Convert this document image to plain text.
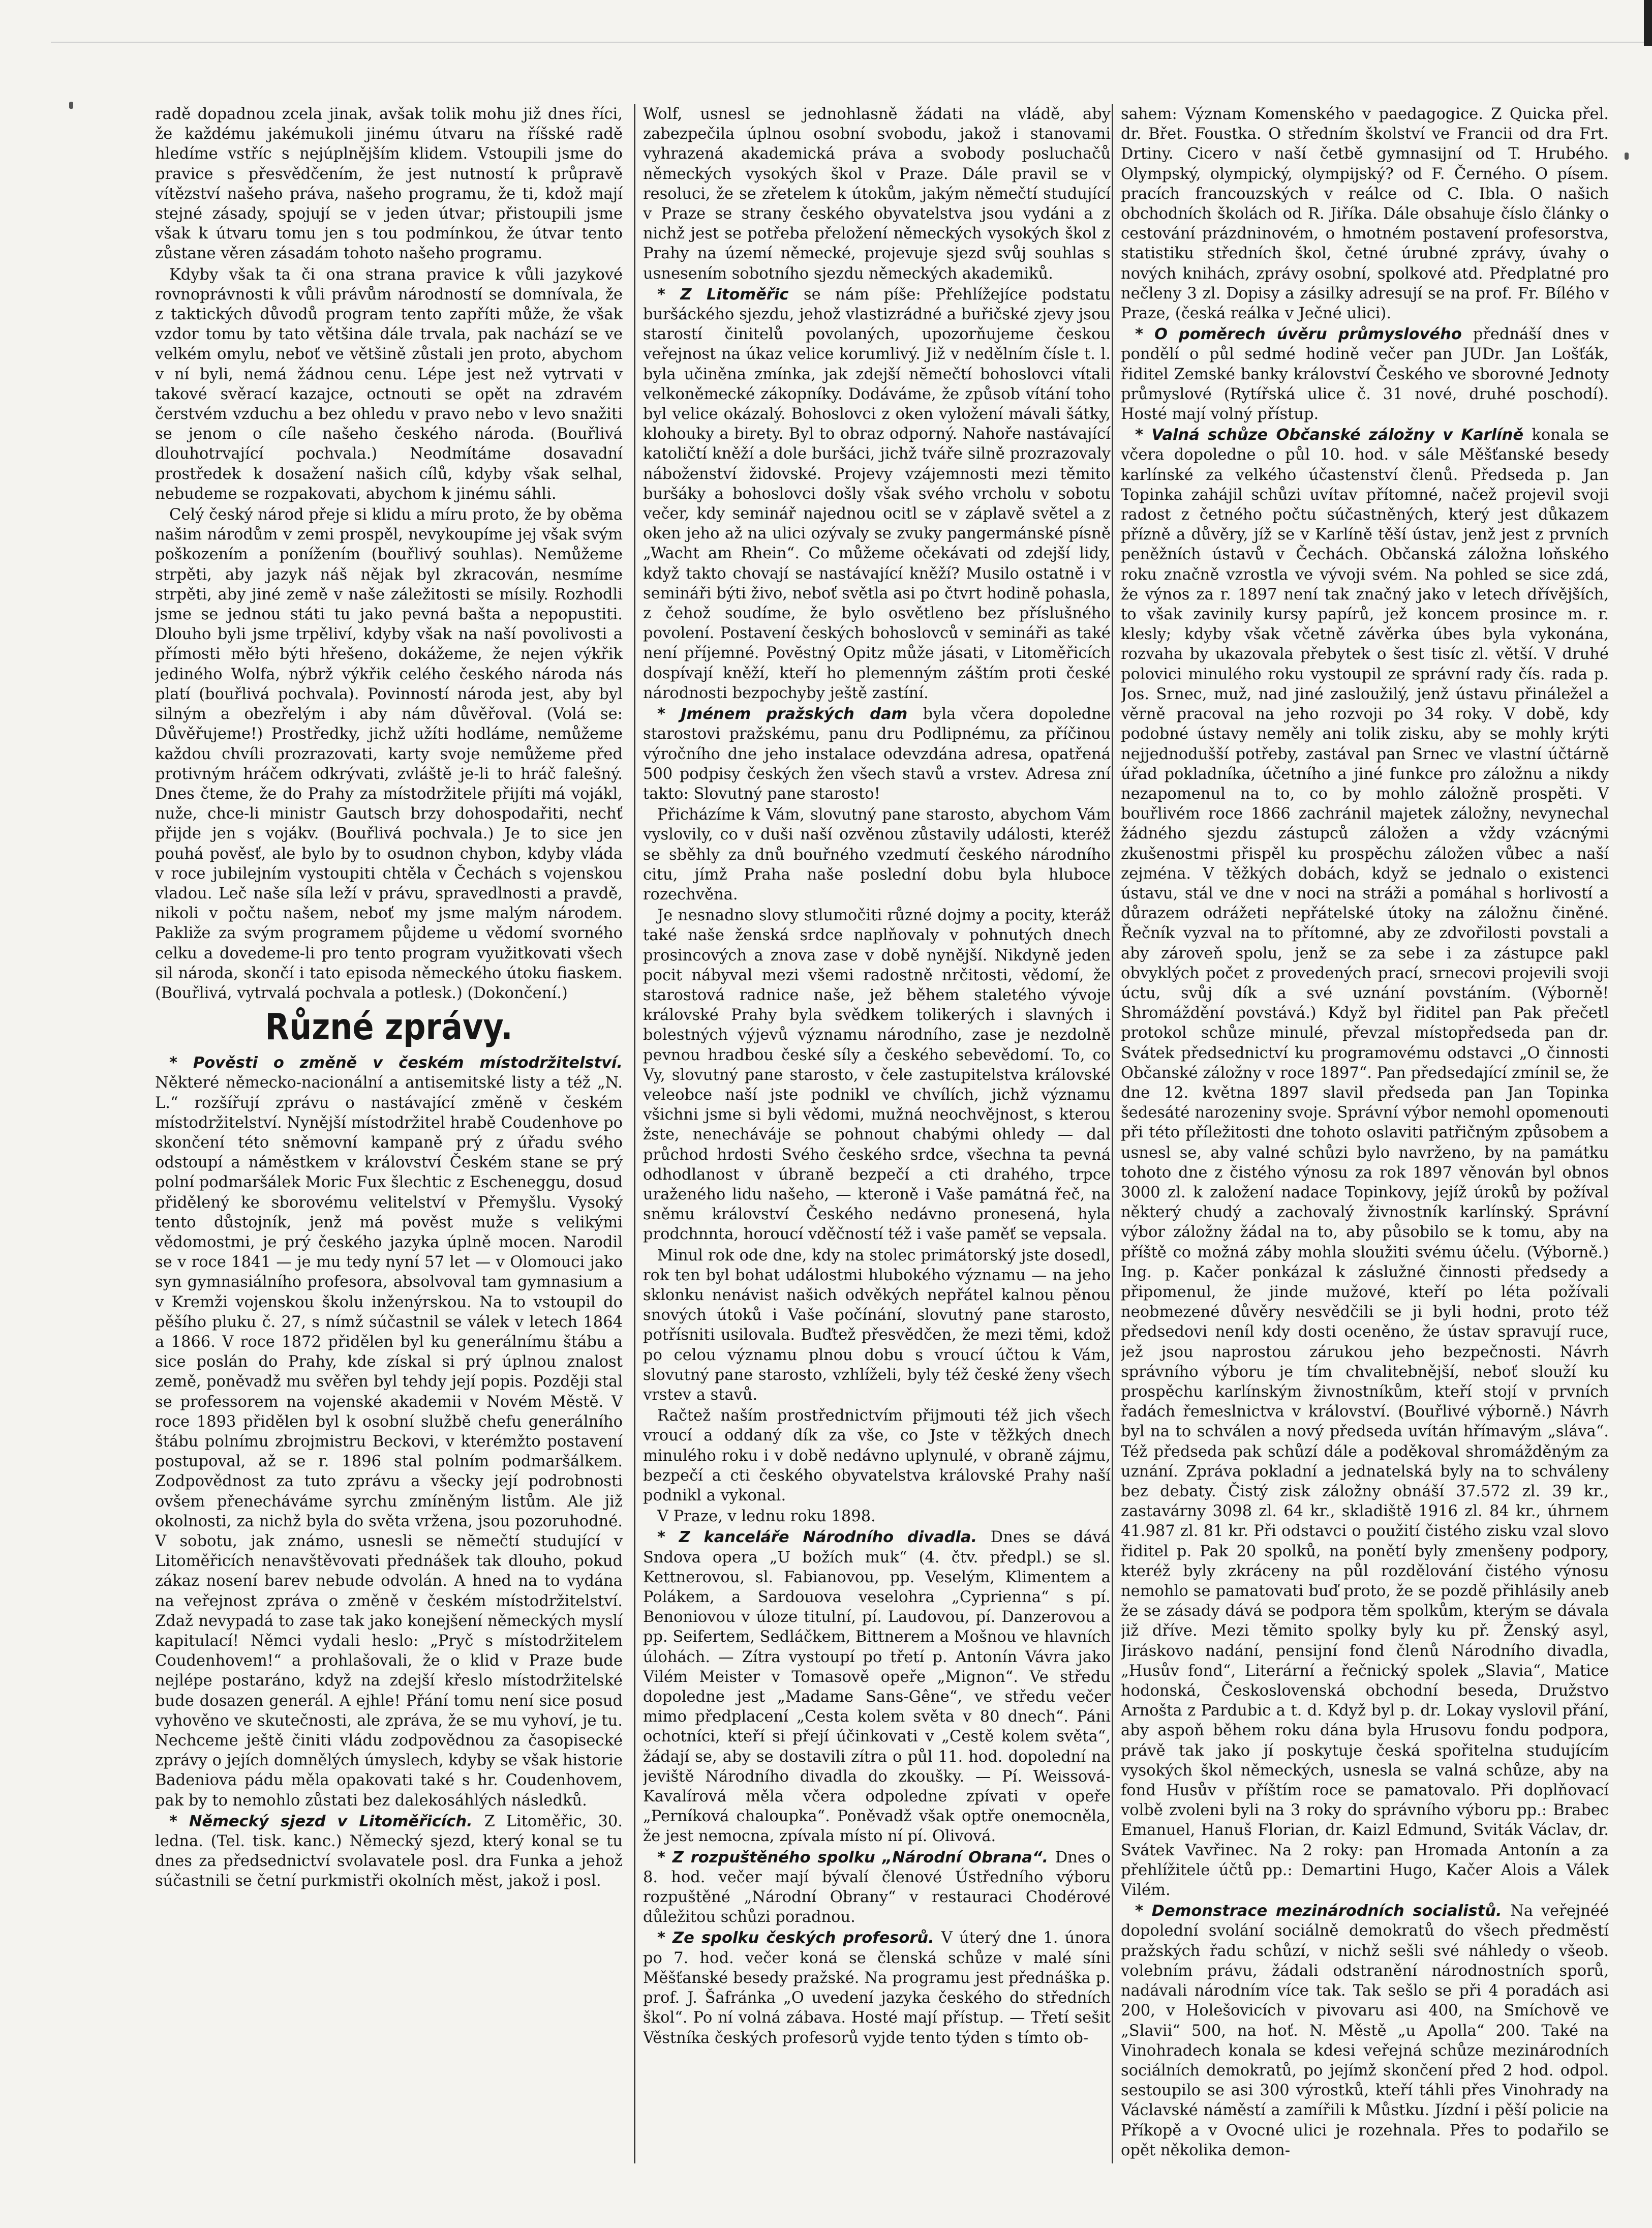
radě dopadnou zcela jinak, avšak tolik mohu již dnes říci, že každému jakémukoli jinému útvaru na říšské radě hledíme vstříc s nejúplnějším klidem. Vstoupili jsme do pravice s přesvědčením, že jest nutností k průpravě vítězství našeho práva, našeho programu, že ti, kdož mají stejné zásady, spojují se v jeden útvar; přistoupili jsme však k útvaru tomu jen s tou podmínkou, že útvar tento zůstane věren zásadám tohoto našeho programu.

Kdyby však ta či ona strana pravice k vůli jazykové rovnoprávnosti k vůli právům národností se domnívala, že z taktických důvodů program tento zapříti může, že však vzdor tomu by tato většina dále trvala, pak nachází se ve velkém omylu, neboť ve většině zůstali jen proto, abychom v ní byli, nemá žádnou cenu. Lépe jest než vytrvati v takové svěrací kazajce, octnouti se opět na zdravém čerstvém vzduchu a bez ohledu v pravo nebo v levo snažiti se jenom o cíle našeho českého národa. (Bouřlivá dlouhotrvající pochvala.) Neodmítáme dosavadní prostředek k dosažení našich cílů, kdyby však selhal, nebudeme se rozpakovati, abychom k jinému sáhli.

Celý český národ přeje si klidu a míru proto, že by oběma našim národům v zemi prospěl, nevykoupíme jej však svým poškozením a ponížením (bouřlivý souhlas). Nemůžeme strpěti, aby jazyk náš nějak byl zkracován, nesmíme strpěti, aby jiné země v naše záležitosti se mísily. Rozhodli jsme se jednou státi tu jako pevná bašta a nepopustiti. Dlouho byli jsme trpěliví, kdyby však na naší povolivosti a přímosti měło býti hřešeno, dokážeme, že nejen výkřik jediného Wolfa, nýbrž výkřik celého českého národa nás platí (bouřlivá pochvala). Povinností národa jest, aby byl silným a obezřelým i aby nám důvěřoval. (Volá se: Důvěřujeme!) Prostředky, jichž užíti hodláme, nemůžeme každou chvíli prozrazovati, karty svoje nemůžeme před protivným hráčem odkrývati, zvláště je-li to hráč falešný. Dnes čteme, že do Prahy za místodržitele přijíti má vojákl, nuže, chce-li ministr Gautsch brzy dohospodařiti, nechť přijde jen s vojákv. (Bouřlivá pochvala.) Je to sice jen pouhá pověsť, ale bylo by to osudnon chybon, kdyby vláda v roce jubilejním vystoupiti chtěla v Čechách s vojenskou vladou. Leč naše síla leží v právu, spravedlnosti a pravdě, nikoli v počtu našem, neboť my jsme malým národem. Pakliže za svým programem půjdeme u vědomí svorného celku a dovedeme-li pro tento program využitkovati všech sil národa, skončí i tato episoda německého útoku fiaskem. (Bouřlivá, vytrvalá pochvala a potlesk.) (Dokončení.)

Různé zprávy.

* Pověsti o změně v českém místodržitelství. Některé německo-nacionální a antisemitské listy a též „N. L.“ rozšířují zprávu o nastávající změně v českém místodržitelství. Nynější místodržitel hrabě Coudenhove po skončení této sněmovní kampaně prý z úřadu svého odstoupí a náměstkem v království Českém stane se prý polní podmaršálek Moric Fux šlechtic z Escheneggu, dosud přidělený ke sborovému velitelství v Přemyšlu. Vysoký tento důstojník, jenž má pověst muže s velikými vědomostmi, je prý českého jazyka úplně mocen. Narodil se v roce 1841 — je mu tedy nyní 57 let — v Olomouci jako syn gymnasiálního profesora, absolvoval tam gymnasium a v Kremži vojenskou školu inženýrskou. Na to vstoupil do pěšího pluku č. 27, s nímž súčastnil se válek v letech 1864 a 1866. V roce 1872 přidělen byl ku generálnímu štábu a sice poslán do Prahy, kde získal si prý úplnou znalost země, poněvadž mu svěřen byl tehdy její popis. Později stal se professorem na vojenské akademii v Novém Městě. V roce 1893 přidělen byl k osobní službě chefu generálního štábu polnímu zbrojmistru Beckovi, v kterémžto postavení postupoval, až se r. 1896 stal polním podmaršálkem. Zodpovědnost za tuto zprávu a všecky její podrobnosti ovšem přenecháváme syrchu zmíněným listům. Ale již okolnosti, za nichž byla do světa vržena, jsou pozoruhodné. V sobotu, jak známo, usnesli se nĕmečtí studující v Litoměřicích nenavštěvovati přednášek tak dlouho, pokud zákaz nosení barev nebude odvolán. A hned na to vydána na veřejnost zpráva o změně v českém místodržitelství. Zdaž nevypadá to zase tak jako konejšení německých myslí kapitulací! Němci vydali heslo: „Pryč s místodržitelem Coudenhovem!“ a prohlašovali, že o klid v Praze bude nejlépe postaráno, když na zdejší křeslo místodržitelské bude dosazen generál. A ejhle! Přání tomu není sice posud vyhověno ve skutečnosti, ale zpráva, že se mu vyhoví, je tu. Nechceme ještě činiti vládu zodpovědnou za časopisecké zprávy o jejích domnělých úmyslech, kdyby se však historie Badeniova pádu měla opakovati také s hr. Coudenhovem, pak by to nemohlo zůstati bez dalekosáhlých následků.

* Německý sjezd v Litoměřicích. Z Litoměřic, 30. ledna. (Tel. tisk. kanc.) Německý sjezd, který konal se tu dnes za předsednictví svolavatele posl. dra Funka a jehož súčastnili se četní purkmistři okolních měst, jakož i posl.

Wolf, usnesl se jednohlasně žádati na vládě, aby zabezpečila úplnou osobní svobodu, jakož i stanovami vyhrazená akademická práva a svobody posluchačů německých vysokých škol v Praze. Dále pravil se v resoluci, že se zřetelem k útokům, jakým němečtí studující v Praze se strany českého obyvatelstva jsou vydáni a z nichž jest se potřeba přeložení německých vysokých škol z Prahy na území německé, projevuje sjezd svůj souhlas s usnesením sobotního sjezdu německých akademiků.

* Z Litoměřic se nám píše: Přehlížejíce podstatu buršáckého sjezdu, jehož vlastizrádné a buřičské zjevy jsou starostí činitelů povolaných, upozorňujeme českou veřejnost na úkaz velice korumlivý. Již v nedělním čísle t. l. byla učiněna zmínka, jak zdejší nĕmečtí bohoslovci vítali velkoněmecké zákopníky. Dodáváme, že způsob vítání toho byl velice okázalý. Bohoslovci z oken vyložení mávali šátky, klohouky a birety. Byl to obraz odporný. Nahoře nastávající katoličtí kněží a dole buršáci, jichž tváře silně prozrazovaly náboženství židovské. Projevy vzájemnosti mezi těmito buršáky a bohoslovci došly však svého vrcholu v sobotu večer, kdy seminář najednou ocitl se v záplavě světel a z oken jeho až na ulici ozývaly se zvuky pangermánské písně „Wacht am Rhein“. Co můžeme očekávati od zdejší lidy, když takto chovají se nastávající kněží? Musilo ostatně i v semináři býti živo, neboť světla asi po čtvrt hodině pohasla, z čehož soudíme, že bylo osvětleno bez příslušného povolení. Postavení českých bohoslovců v semináři as také není příjemné. Povĕstný Opitz může jásati, v Litoměřicích dospívají kněží, kteří ho plemenným záštím proti české národnosti bezpochyby ještě zastíní.

* Jménem pražských dam byla včera dopoledne starostovi pražskému, panu dru Podlipnému, za příčinou výročního dne jeho instalace odevzdána adresa, opatřená 500 podpisy českých žen všech stavů a vrstev. Adresa zní takto: Slovutný pane starosto!

Přicházíme k Vám, slovutný pane starosto, abychom Vám vyslovily, co v duši naší ozvěnou zůstavily události, kteréž se sběhly za dnů bouřného vzedmutí českého národního citu, jímž Praha naše poslední dobu byla hluboce rozechvěna.

Je nesnadno slovy stlumočiti různé dojmy a pocity, kteráž také naše ženská srdce naplňovaly v pohnutých dnech prosincových a znova zase v době nynější. Nikdyně jeden pocit nábyval mezi všemi radostně nrčitosti, vědomí, že starostová radnice naše, jež během staletého vývoje královské Prahy byla svědkem tolikerých i slavných i bolestných výjevů významu národního, zase je nezdolně pevnou hradbou české síly a českého sebevědomí. To, co Vy, slovutný pane starosto, v čele zastupitelstva královské veleobce naší jste podnikl ve chvílích, jichž významu všichni jsme si byli vědomi, mužná neochvějnost, s kterou žste, nenecháváje se pohnout chabými ohledy — dal průchod hrdosti Svého českého srdce, všechna ta pevná odhodlanost v úbraně bezpečí a cti drahého, trpce uraženého lidu našeho, — kteroně i Vaše památná řeč, na sněmu království Českého nedávno pronesená, hyla prodchnnta, horoucí vděčností též i vaše paměť se vepsala.

Minul rok ode dne, kdy na stolec primátorský jste dosedl, rok ten byl bohat událostmi hlubokého významu — na jeho sklonku nenávist našich odvěkých nepřátel kalnou pěnou snových útoků i Vaše počínání, slovutný pane starosto, potřísniti usilovala. Buďtež přesvědčen, že mezi těmi, kdož po celou významu plnou dobu s vroucí účtou k Vám, slovutný pane starosto, vzhlíželi, byly též české ženy všech vrstev a stavů.

Račtež naším prostřednictvím přijmouti též jich všech vroucí a oddaný dík za vše, co Jste v těžkých dnech minulého roku i v době nedávno uplynulé, v obraně zájmu, bezpečí a cti českého obyvatelstva královské Prahy naší podnikl a vykonal.

V Praze, v lednu roku 1898.

* Z kanceláře Národního divadla. Dnes se dává Sndova opera „U božích muk“ (4. čtv. předpl.) se sl. Kettnerovou, sl. Fabianovou, pp. Veselým, Klimentem a Polákem, a Sardouova veselohra „Cyprienna“ s pí. Benoniovou v úloze titulní, pí. Laudovou, pí. Danzerovou a pp. Seifertem, Sedláčkem, Bittnerem a Mošnou ve hlavních úlohách. — Zítra vystoupí po třetí p. Antonín Vávra jako Vilém Meister v Tomasově opeře „Mignon“. Ve středu dopoledne jest „Madame Sans-Gêne“, ve středu večer mimo předplacení „Cesta kolem světa v 80 dnech“. Páni ochotníci, kteří si přejí účinkovati v „Cestě kolem světa“, žádají se, aby se dostavili zítra o půl 11. hod. dopolední na jeviště Národního divadla do zkoušky. — Pí. Weissová-Kavalírová měla včera odpoledne zpívati v opeře „Perníková chaloupka“. Poněvadž však optře onemocněla, že jest nemocna, zpívala místo ní pí. Olivová.

* Z rozpuštěného spolku „Národní Obrana“. Dnes o 8. hod. večer mají bývalí členové Ústředního výboru rozpuštěné „Národní Obrany“ v restauraci Chodérové důležitou schůzi poradnou.

* Ze spolku českých profesorů. V úterý dne 1. února po 7. hod. večer koná se členská schůze v malé síni Měšťanské besedy pražské. Na programu jest přednáška p. prof. J. Šafránka „O uvedení jazyka českého do středních škol“. Po ní volná zábava. Hosté mají přístup. — Třetí sešit Věstníka českých profesorů vyjde tento týden s tímto ob-

sahem: Význam Komenského v paedagogice. Z Quicka přel. dr. Břet. Foustka. O středním školství ve Francii od dra Frt. Drtiny. Cicero v naší četbě gymnasijní od T. Hrubého. Olympský, olympický, olympijský? od F. Černého. O písem. pracích francouzských v reálce od C. Ibla. O našich obchodních školách od R. Jiříka. Dále obsahuje číslo články o cestování prázdninovém, o hmotném postavení profesorstva, statistiku středních škol, četné úrubné zprávy, úvahy o nových knihách, zprávy osobní, spolkové atd. Předplatné pro nečleny 3 zl. Dopisy a zásilky adresují se na prof. Fr. Bílého v Praze, (česká reálka v Ječné ulici).

* O poměrech úvěru průmyslového přednáší dnes v pondělí o půl sedmé hodině večer pan JUDr. Jan Lošťák, řiditel Zemské banky království Českého ve sborovné Jednoty průmyslové (Rytířská ulice č. 31 nové, druhé poschodí). Hosté mají volný přístup.

* Valná schůze Občanské záložny v Karlíně konala se včera dopoledne o půl 10. hod. v sále Měšťanské besedy karlínské za velkého účastenství členů. Předseda p. Jan Topinka zahájil schůzi uvítav přítomné, načež projevil svoji radost z četného počtu súčastněných, který jest důkazem přízně a důvěry, jíž se v Karlíně těší ústav, jenž jest z prvních peněžních ústavů v Čechách. Občanská záložna loňského roku značně vzrostla ve vývoji svém. Na pohled se sice zdá, že výnos za r. 1897 není tak značný jako v letech dřívějších, to však zavinily kursy papírů, jež koncem prosince m. r. klesly; kdyby však včetně závěrka úbes byla vykonána, rozvaha by ukazovala přebytek o šest tisíc zl. větší. V druhé polovici minulého roku vystoupil ze správní rady čís. rada p. Jos. Srnec, muž, nad jiné zasloužilý, jenž ústavu přináležel a věrně pracoval na jeho rozvoji po 34 roky. V době, kdy podobné ústavy neměly ani tolik zisku, aby se mohly krýti nejjednodušší potřeby, zastával pan Srnec ve vlastní účtárně úřad pokladníka, účetního a jiné funkce pro záložnu a nikdy nezapomenul na to, co by mohlo záložně prospěti. V bouřlivém roce 1866 zachránil majetek záložny, nevynechal žádného sjezdu zástupců záložen a vždy vzácnými zkušenostmi přispěl ku prospěchu záložen vůbec a naší zejména. V těžkých dobách, když se jednalo o existenci ústavu, stál ve dne v noci na stráži a pomáhal s horlivostí a důrazem odrážeti nepřátelské útoky na záložnu činěné. Řečník vyzval na to přítomné, aby ze zdvořilosti povstali a aby zároveň spolu, jenž se za sebe i za zástupce pakl obvyklých počet z provedených prací, srnecovi projevili svoji úctu, svůj dík a své uznání povstáním. (Výborně! Shromáždění povstává.) Když byl řiditel pan Pak přečetl protokol schůze minulé, převzal místopředseda pan dr. Svátek předsednictví ku programovému odstavci „O činnosti Občanské záložny v roce 1897“. Pan předsedající zmínil se, že dne 12. května 1897 slavil předseda pan Jan Topinka šedesáté narozeniny svoje. Správní výbor nemohl opomenouti při této příležitosti dne tohoto oslaviti patřičným způsobem a usnesl se, aby valné schůzi bylo navrženo, by na památku tohoto dne z čistého výnosu za rok 1897 věnován byl obnos 3000 zl. k založení nadace Topinkovy, jejíž úroků by požíval některý chudý a zachovalý živnostník karlínský. Správní výbor záložny žádal na to, aby působilo se k tomu, aby na příště co možná záby mohla sloužiti svému účelu. (Výborně.) Ing. p. Kačer ponkázal k záslužné činnosti předsedy a připomenul, že jinde mužové, kteří po léta požívali neobmezené důvěry nesvědčili se ji byli hodni, proto též předsedovi neníl kdy dosti oceněno, že ústav spravují ruce, jež jsou naprostou zárukou jeho bezpečnosti. Návrh správního výboru je tím chvalitebnější, neboť slouží ku prospěchu karlínským živnostníkům, kteří stojí v prvních řadách řemeslnictva v království. (Bouřlivé výborně.) Návrh byl na to schválen a nový předseda uvítán hřímavým „sláva“. Též předseda pak schůzí dále a poděkoval shromážděným za uznání. Zpráva pokladní a jednatelská byly na to schváleny bez debaty. Čistý zisk záložny obnáší 37.572 zl. 39 kr., zastavárny 3098 zl. 64 kr., skladiště 1916 zl. 84 kr., úhrnem 41.987 zl. 81 kr. Při odstavci o použití čistého zisku vzal slovo řiditel p. Pak 20 spolků, na ponětí byly zmenšeny podpory, kteréž byly zkráceny na půl rozdělování čistého výnosu nemohlo se pamatovati buď proto, že se pozdě přihlásily aneb že se zásady dává se podpora těm spolkům, kterým se dávala již dříve. Mezi těmito spolky byly ku př. Ženský asyl, Jiráskovo nadání, pensijní fond členů Národního divadla, „Husův fond“, Literární a řečnický spolek „Slavia“, Matice hodonská, Československá obchodní beseda, Družstvo Arnošta z Pardubic a t. d. Když byl p. dr. Lokay vyslovil přání, aby aspoň během roku dána byla Hrusovu fondu podpora, právě tak jako jí poskytuje česká spořitelna studujícím vysokých škol německých, usnesla se valná schůze, aby na fond Husův v příštím roce se pamatovalo. Při doplňovací volbě zvoleni byli na 3 roky do správního výboru pp.: Brabec Emanuel, Hanuš Florian, dr. Kaizl Edmund, Sviták Václav, dr. Svátek Vavřinec. Na 2 roky: pan Hromada Antonín a za přehlížitele účtů pp.: Demartini Hugo, Kačer Alois a Válek Vilém.

* Demonstrace mezinárodních socialistů. Na veřejnéé dopolední svolání sociálně demokratů do všech předměstí pražských řadu schůzí, v nichž sešli své náhledy o všeob. volebním právu, žádali odstranění národnostních sporů, nadávali národním více tak. Tak sešlo se při 4 poradách asi 200, v Holešovicích v pivovaru asi 400, na Smíchově ve „Slavii“ 500, na hoť. N. Městě „u Apolla“ 200. Také na Vinohradech konala se kdesi veřejná schůze mezinárodních sociálních demokratů, po jejímž skončení před 2 hod. odpol. sestoupilo se asi 300 výrostků, kteří táhli přes Vinohrady na Václavské náměstí a zamířili k Můstku. Jízdní i pěší policie na Příkopě a v Ovocné ulici je rozehnala. Přes to podařilo se opět několika demon-
